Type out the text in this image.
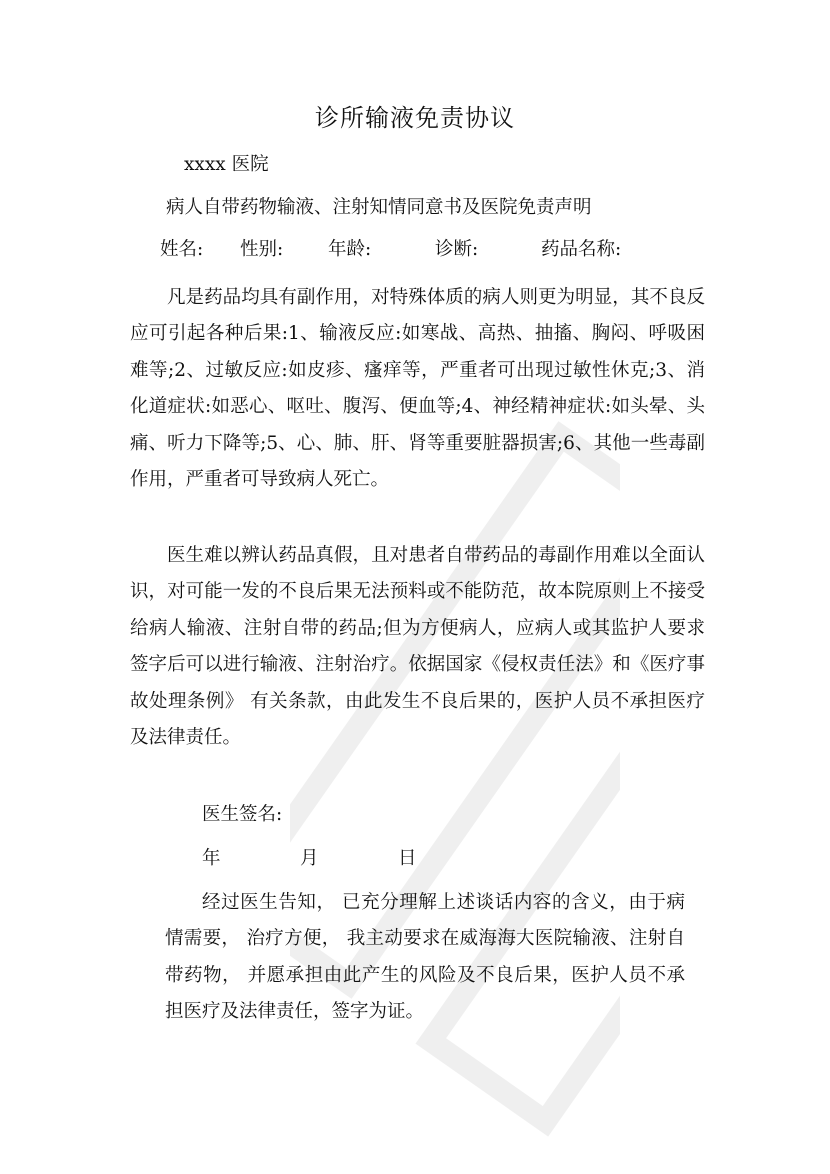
诊所输液免责协议
xxxx 医院
病人自带药物输液、注射知情同意书及医院免责声明
姓名: 性别: 年龄:	诊断:	药品名称:
凡是药品均具有副作用，对特殊体质的病人则更为明显，其不良反应可引起各种后果:1、输液反应:如寒战、高热、抽搐、胸闷、呼吸困难等;2、过敏反应:如皮疹、瘙痒等，严重者可出现过敏性休克;3、消化道症状:如恶心、呕吐、腹泻、便血等;4、神经精神症状:如头晕、头痛、听力下降等;5、心、肺、肝、肾等重要脏器损害;6、其他一些毒副作用，严重者可导致病人死亡。
医生难以辨认药品真假，且对患者自带药品的毒副作用难以全面认识，对可能一发的不良后果无法预料或不能防范，故本院原则上不接受给病人输液、注射自带的药品;但为方便病人，应病人或其监护人要求签字后可以进行输液、注射治疗。依据国家《侵权责任法》和《医疗事故处理条例》 有关条款，由此发生不良后果的，医护人员不承担医疗及法律责任。
医生签名:
年	月	日
经过医生告知， 已充分理解上述谈话内容的含义，由于病情需要， 治疗方便， 我主动要求在威海海大医院输液、注射自带药物， 并愿承担由此产生的风险及不良后果，医护人员不承担医疗及法律责任，签字为证。
